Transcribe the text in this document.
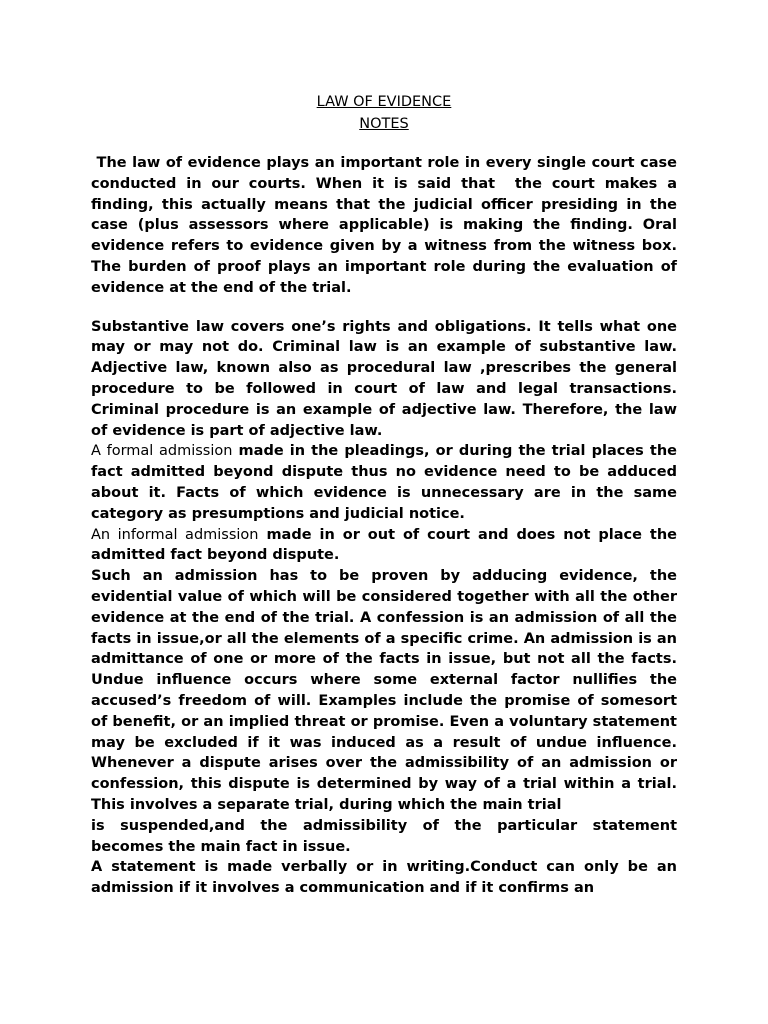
LAW OF EVIDENCE
NOTES

The law of evidence plays an important role in every single court case conducted in our courts. When it is said that  the court makes a finding, this actually means that the judicial officer presiding in the case (plus assessors where applicable) is making the finding. Oral evidence refers to evidence given by a witness from the witness box.  The burden of proof plays an important role during the evaluation of evidence at the end of the trial.

Substantive law covers one’s rights and obligations. It tells what one may or may not do. Criminal law is an example of substantive law. Adjective law, known also as procedural law ,prescribes the general procedure to be followed in court of law and legal transactions. Criminal procedure is an example of adjective law. Therefore, the law of evidence is part of adjective law.

A formal admission made in the pleadings, or during the trial places the fact admitted beyond dispute thus no evidence need to be adduced about it. Facts of which evidence is unnecessary are in the same category as presumptions and judicial notice.

An informal admission made in or out of court and does not place the admitted fact beyond dispute.

Such an admission has to be proven by adducing evidence, the evidential value of which will be considered together with all the other evidence at the end of the trial. A confession is an admission of all the facts in issue,or all the elements of a specific crime. An admission is an admittance of one or more of the facts in issue, but not all the facts. Undue influence occurs where some external factor nullifies the accused’s freedom of will. Examples include the promise of somesort of benefit, or an implied threat or promise. Even a voluntary statement may be excluded if it was induced as a result of undue influence. Whenever a dispute arises over the admissibility of an admission or confession, this dispute is determined by way of a trial within a trial. This involves a separate trial, during which the main trial

is suspended,and the admissibility of the particular statement becomes the main fact in issue.

A statement is made verbally or in writing.Conduct can only be an admission if it involves a communication and if it confirms an
